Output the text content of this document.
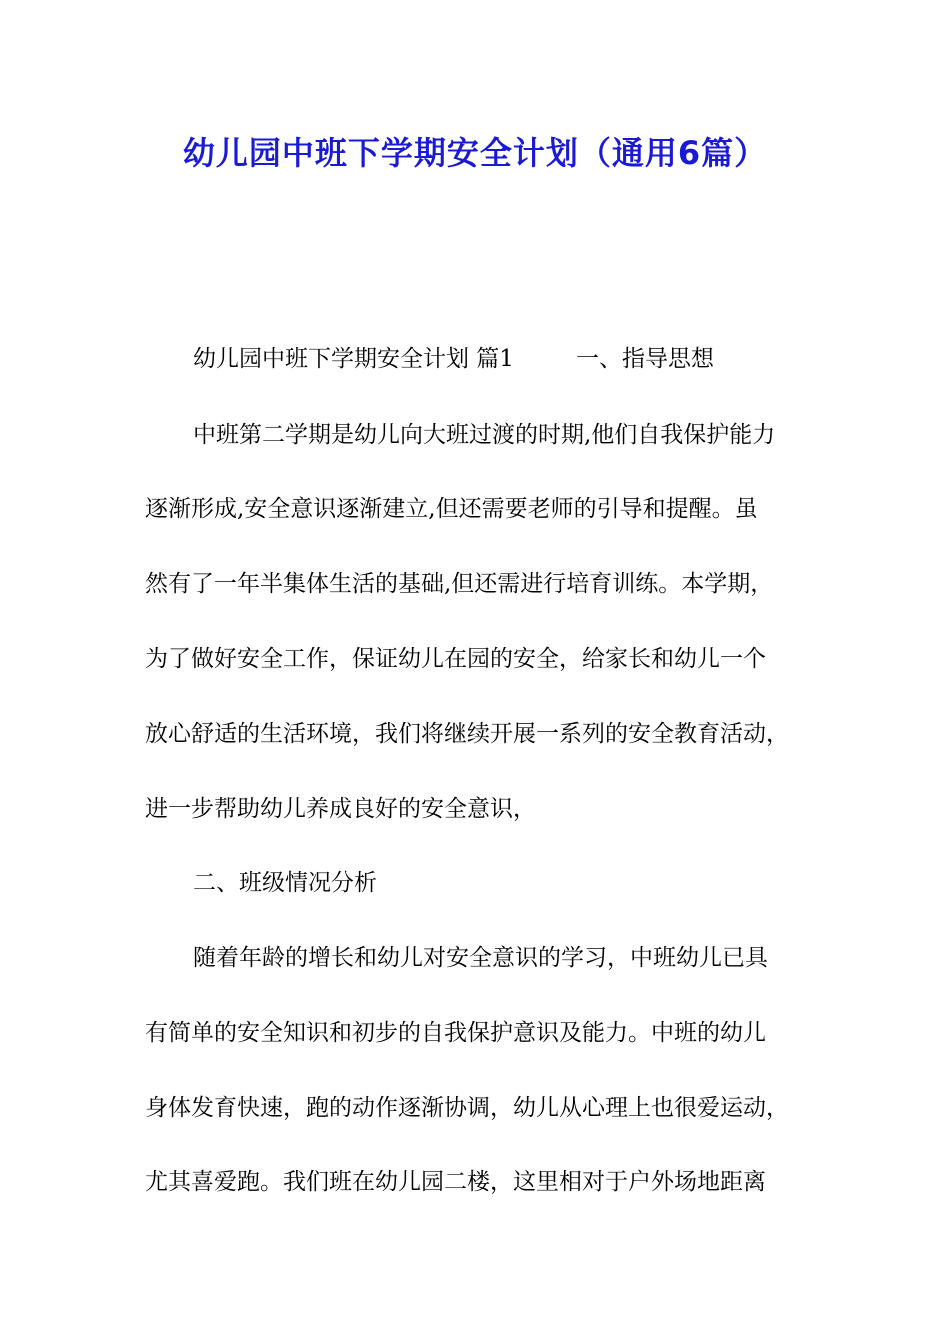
幼儿园中班下学期安全计划（通用6篇）
幼儿园中班下学期安全计划 篇1	一、指导思想
中班第二学期是幼儿向大班过渡的时期,他们自我保护能力
逐渐形成,安全意识逐渐建立,但还需要老师的引导和提醒。虽
然有了一年半集体生活的基础,但还需进行培育训练。本学期，
为了做好安全工作，保证幼儿在园的安全，给家长和幼儿一个
放心舒适的生活环境，我们将继续开展一系列的安全教育活动，
进一步帮助幼儿养成良好的安全意识，
二、班级情况分析
随着年龄的增长和幼儿对安全意识的学习，中班幼儿已具
有简单的安全知识和初步的自我保护意识及能力。中班的幼儿
身体发育快速，跑的动作逐渐协调，幼儿从心理上也很爱运动，
尤其喜爱跑。我们班在幼儿园二楼，这里相对于户外场地距离
